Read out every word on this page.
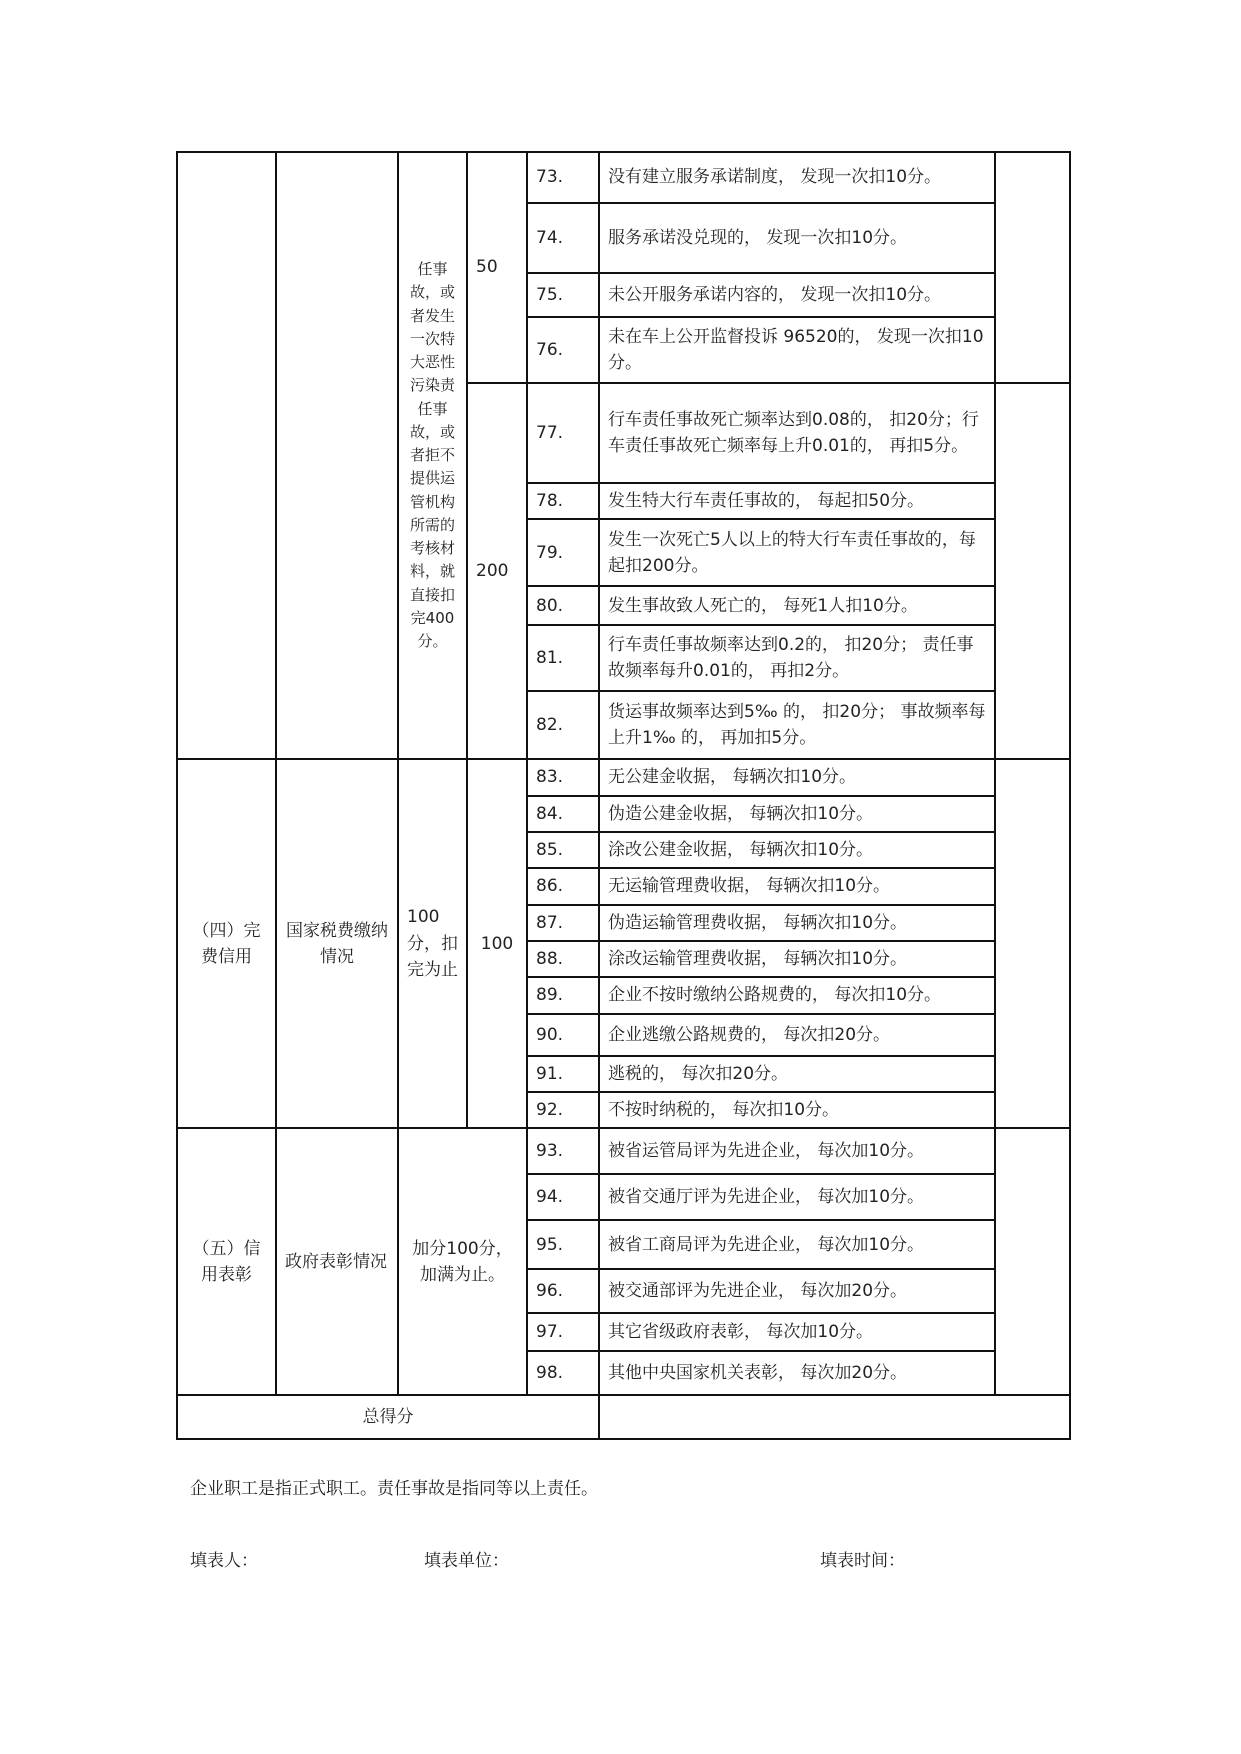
		任事故，或者发生一次特大恶性污染责任事故，或者拒不提供运管机构所需的考核材料，就直接扣完400分。	50	73.	没有建立服务承诺制度， 发现一次扣10分。	
				74.	服务承诺没兑现的， 发现一次扣10分。	
				75.	未公开服务承诺内容的， 发现一次扣10分。	
				76.	未在车上公开监督投诉 96520的， 发现一次扣10分。	
			200	77.	行车责任事故死亡频率达到0.08的， 扣20分；行车责任事故死亡频率每上升0.01的， 再扣5分。	
				78.	发生特大行车责任事故的， 每起扣50分。	
				79.	发生一次死亡5人以上的特大行车责任事故的，每起扣200分。	
				80.	发生事故致人死亡的， 每死1人扣10分。	
				81.	行车责任事故频率达到0.2的， 扣20分； 责任事故频率每升0.01的， 再扣2分。	
				82.	货运事故频率达到5‰ 的， 扣20分； 事故频率每上升1‰ 的， 再加扣5分。	
（四）完费信用	国家税费缴纳情况	100分，扣完为止	100	83.	无公建金收据， 每辆次扣10分。	
				84.	伪造公建金收据， 每辆次扣10分。	
				85.	涂改公建金收据， 每辆次扣10分。	
				86.	无运输管理费收据， 每辆次扣10分。	
				87.	伪造运输管理费收据， 每辆次扣10分。	
				88.	涂改运输管理费收据， 每辆次扣10分。	
				89.	企业不按时缴纳公路规费的， 每次扣10分。	
				90.	企业逃缴公路规费的， 每次扣20分。	
				91.	逃税的， 每次扣20分。	
				92.	不按时纳税的， 每次扣10分。	
（五）信用表彰	政府表彰情况	加分100分，加满为止。		93.	被省运管局评为先进企业， 每次加10分。	
				94.	被省交通厅评为先进企业， 每次加10分。	
				95.	被省工商局评为先进企业， 每次加10分。	
				96.	被交通部评为先进企业， 每次加20分。	
				97.	其它省级政府表彰， 每次加10分。	
				98.	其他中央国家机关表彰， 每次加20分。	
总得分						
企业职工是指正式职工。责任事故是指同等以上责任。
填表人：	填表单位：	填表时间：
